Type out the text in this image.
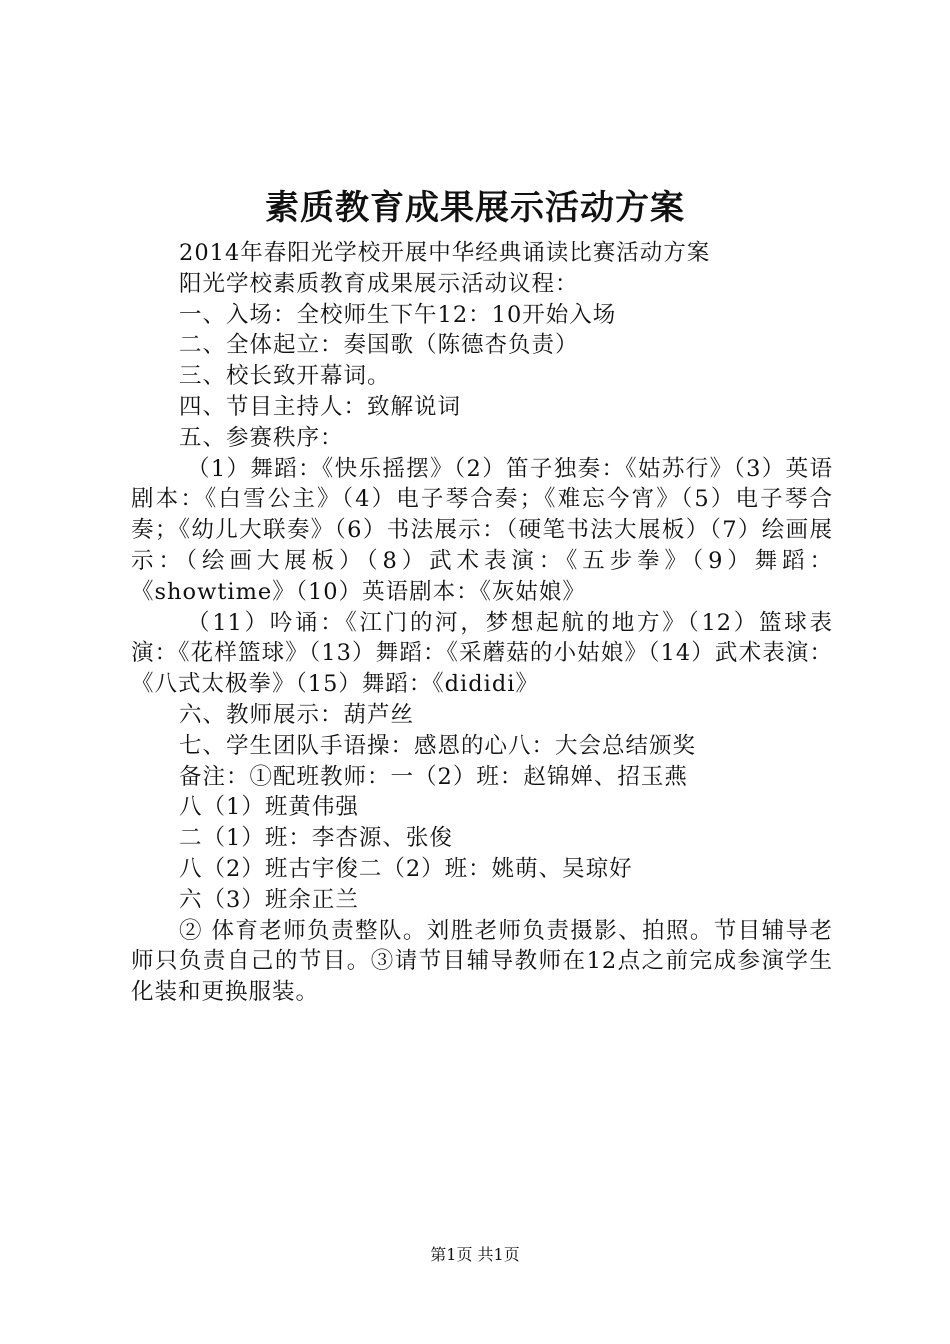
素质教育成果展示活动方案

2014年春阳光学校开展中华经典诵读比赛活动方案

阳光学校素质教育成果展示活动议程：

一、入场：全校师生下午12：10开始入场

二、全体起立：奏国歌（陈德杏负责）

三、校长致开幕词。

四、节目主持人：致解说词

五、参赛秩序：

（1）舞蹈：《快乐摇摆》（2）笛子独奏：《姑苏行》（3）英语剧本：《白雪公主》（4）电子琴合奏；《难忘今宵》（5）电子琴合奏；《幼儿大联奏》（6）书法展示：（硬笔书法大展板）（7）绘画展示：（绘画大展板）（8）武术表演：《五步拳》（9）舞蹈：《showtime》（10）英语剧本：《灰姑娘》

（11）吟诵：《江门的河，梦想起航的地方》（12）篮球表演：《花样篮球》（13）舞蹈：《采蘑菇的小姑娘》（14）武术表演：《八式太极拳》（15）舞蹈：《dididi》

六、教师展示：葫芦丝

七、学生团队手语操：感恩的心八：大会总结颁奖

备注：①配班教师：一（2）班：赵锦婵、招玉燕

八（1）班黄伟强

二（1）班：李杏源、张俊

八（2）班古宇俊二（2）班：姚萌、吴琼好

六（3）班余正兰

② 体育老师负责整队。刘胜老师负责摄影、拍照。节目辅导老师只负责自己的节目。③请节目辅导教师在12点之前完成参演学生化装和更换服装。

第1页 共1页
